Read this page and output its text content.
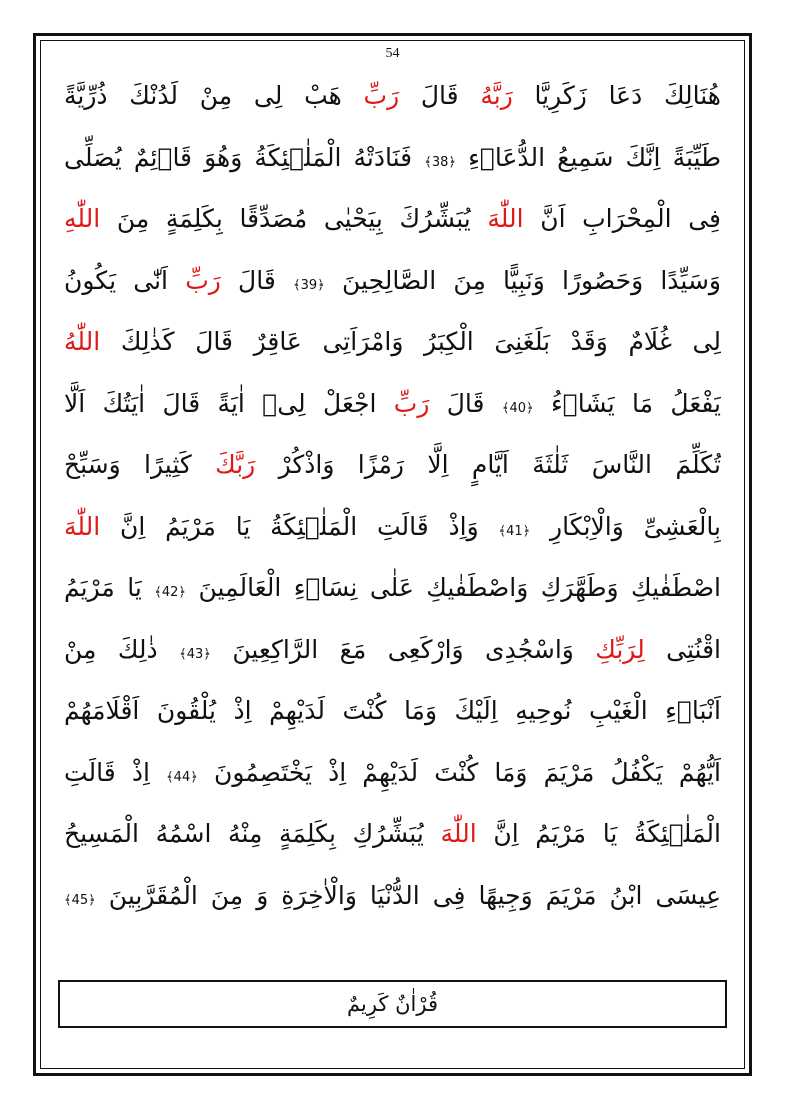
54
هُنَالِكَ دَعَا زَكَرِيَّا رَبَّهُ قَالَ رَبِّ هَبْ لِى مِنْ لَدُنْكَ ذُرِّيَّةً
طَيِّبَةً اِنَّكَ سَمِيعُ الدُّعَاۤءِ ﴿38﴾ فَنَادَتْهُ الْمَلٰۤئِكَةُ وَهُوَ قَاۤئِمٌ يُصَلِّى
فِى الْمِحْرَابِ اَنَّ اللّٰهَ يُبَشِّرُكَ بِيَحْيٰى مُصَدِّقًا بِكَلِمَةٍ مِنَ اللّٰهِ
وَسَيِّدًا وَحَصُورًا وَنَبِيًّا مِنَ الصَّالِحِينَ ﴿39﴾ قَالَ رَبِّ اَنّٰى يَكُونُ
لِى غُلَامٌ وَقَدْ بَلَغَنِىَ الْكِبَرُ وَامْرَاَتِى عَاقِرٌ قَالَ كَذٰلِكَ اللّٰهُ
يَفْعَلُ مَا يَشَاۤءُ ﴿40﴾ قَالَ رَبِّ اجْعَلْ لِىۤ اٰيَةً قَالَ اٰيَتُكَ اَلَّا
تُكَلِّمَ النَّاسَ ثَلٰثَةَ اَيَّامٍ اِلَّا رَمْزًا وَاذْكُرْ رَبَّكَ كَثِيرًا وَسَبِّحْ
بِالْعَشِىِّ وَالْاِبْكَارِ ﴿41﴾ وَاِذْ قَالَتِ الْمَلٰۤئِكَةُ يَا مَرْيَمُ اِنَّ اللّٰهَ
اصْطَفٰيكِ وَطَهَّرَكِ وَاصْطَفٰيكِ عَلٰى نِسَاۤءِ الْعَالَمِينَ ﴿42﴾ يَا مَرْيَمُ
اقْنُتِى لِرَبِّكِ وَاسْجُدِى وَارْكَعِى مَعَ الرَّاكِعِينَ ﴿43﴾ ذٰلِكَ مِنْ
اَنْبَاۤءِ الْغَيْبِ نُوحِيهِ اِلَيْكَ وَمَا كُنْتَ لَدَيْهِمْ اِذْ يُلْقُونَ اَقْلَامَهُمْ
اَيُّهُمْ يَكْفُلُ مَرْيَمَ وَمَا كُنْتَ لَدَيْهِمْ اِذْ يَخْتَصِمُونَ ﴿44﴾ اِذْ قَالَتِ
الْمَلٰۤئِكَةُ يَا مَرْيَمُ اِنَّ اللّٰهَ يُبَشِّرُكِ بِكَلِمَةٍ مِنْهُ اسْمُهُ الْمَسِيحُ
عِيسَى ابْنُ مَرْيَمَ وَجِيهًا فِى الدُّنْيَا وَالْاٰخِرَةِ وَ مِنَ الْمُقَرَّبِينَ ﴿45﴾
قُرْاٰنٌ كَرِيمٌ
